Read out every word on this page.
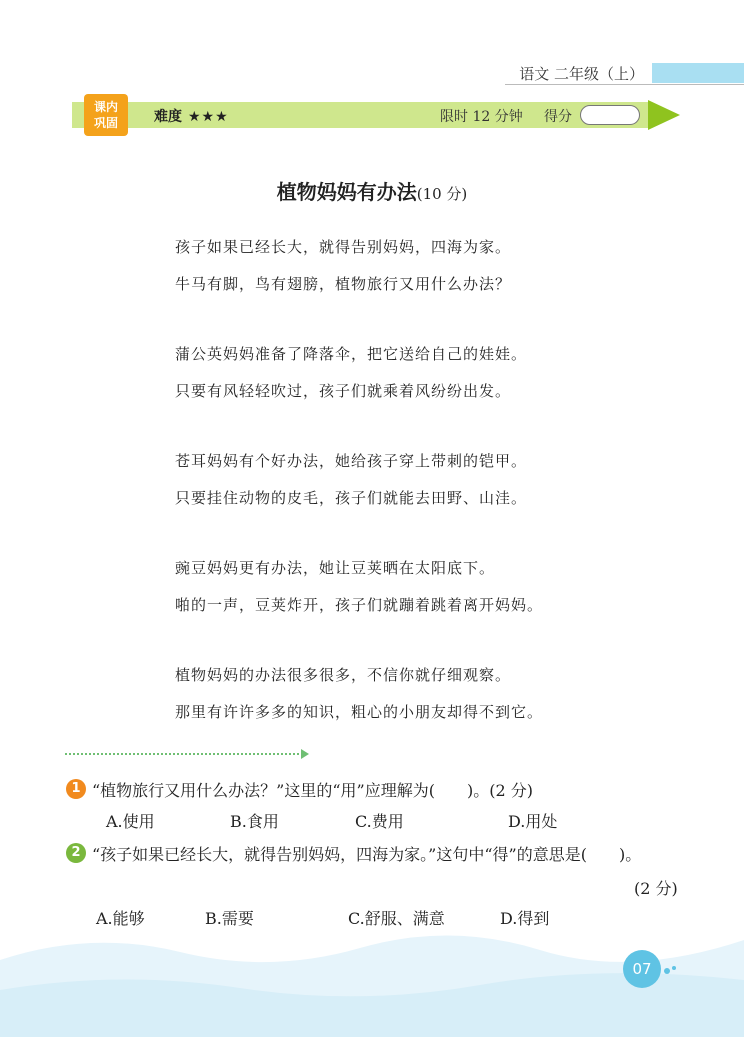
语文 二年级（上）
课内
巩固	难度 ★★★	限时 12 分钟 得分
植物妈妈有办法(10 分)
孩子如果已经长大，就得告别妈妈，四海为家。
牛马有脚，鸟有翅膀，植物旅行又用什么办法？
蒲公英妈妈准备了降落伞，把它送给自己的娃娃。
只要有风轻轻吹过，孩子们就乘着风纷纷出发。
苍耳妈妈有个好办法，她给孩子穿上带刺的铠甲。
只要挂住动物的皮毛，孩子们就能去田野、山洼。
豌豆妈妈更有办法，她让豆荚晒在太阳底下。
啪的一声，豆荚炸开，孩子们就蹦着跳着离开妈妈。
植物妈妈的办法很多很多，不信你就仔细观察。
那里有许许多多的知识，粗心的小朋友却得不到它。
1 “植物旅行又用什么办法？”这里的“用”应理解为(　　)。(2 分)
A.使用	B.食用	C.费用	D.用处
2 “孩子如果已经长大，就得告别妈妈，四海为家。”这句中“得”的意思是(　　)。
(2 分)
A.能够	B.需要	C.舒服、满意	D.得到
07
